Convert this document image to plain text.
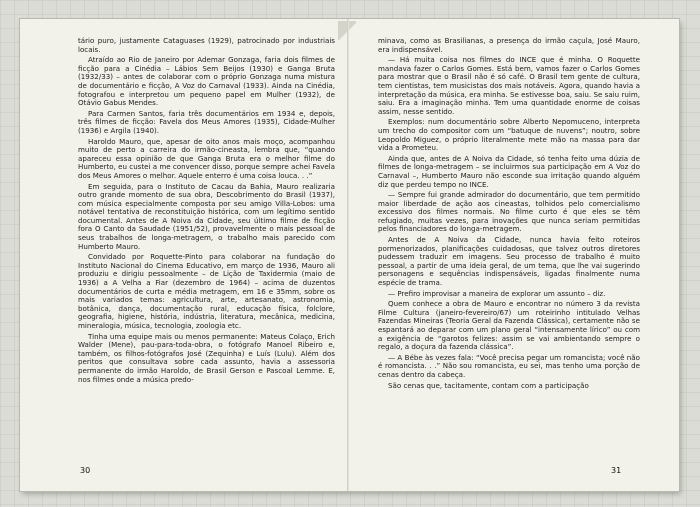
tário puro, justamente Cataguases (1929), patrocinado por industriais locais.

Atraído ao Rio de Janeiro por Ademar Gonzaga, faria dois filmes de ficção para a Cinédia – Lábios Sem Beijos (1930) e Ganga Bruta (1932/33) – antes de colaborar com o próprio Gonzaga numa mistura de documentário e ficção, A Voz do Carnaval (1933). Ainda na Cinédia, fotografou e interpretou um pequeno papel em Mulher (1932), de Otávio Gabus Mendes.

Para Carmen Santos, faria três documentários em 1934 e, depois, três filmes de ficção: Favela dos Meus Amores (1935), Cidade-Mulher (1936) e Argila (1940).

Haroldo Mauro, que, apesar de oito anos mais moço, acompanhou muito de perto a carreira do irmão-cineasta, lembra que, “quando apareceu essa opinião de que Ganga Bruta era o melhor filme do Humberto, eu custei a me convencer disso, porque sempre achei Favela dos Meus Amores o melhor. Aquele enterro é uma coisa louca. . .”

Em seguida, para o Instituto de Cacau da Bahia, Mauro realizaria outro grande momento de sua obra, Descobrimento do Brasil (1937), com música especialmente composta por seu amigo Villa-Lobos: uma notável tentativa de reconstituição histórica, com um legítimo sentido documental. Antes de A Noiva da Cidade, seu último filme de ficção fora O Canto da Saudade (1951/52), provavelmente o mais pessoal de seus trabalhos de longa-metragem, o trabalho mais parecido com Humberto Mauro.

Convidado por Roquette-Pinto para colaborar na fundação do Instituto Nacional do Cinema Educativo, em março de 1936, Mauro ali produziu e dirigiu pessoalmente – de Lição de Taxidermia (maio de 1936) a A Velha a Fiar (dezembro de 1964) – acima de duzentos documentários de curta e média metragem, em 16 e 35mm, sobre os mais variados temas: agricultura, arte, artesanato, astronomia, botânica, dança, documentação rural, educação física, folclore, geografia, higiene, história, indústria, literatura, mecânica, medicina, mineralogia, música, tecnologia, zoologia etc.

Tinha uma equipe mais ou menos permanente: Mateus Colaço, Erich Walder (Mene), pau-para-toda-obra, o fotógrafo Manoel Ribeiro e, também, os filhos-fotógrafos José (Zequinha) e Luís (Lulu). Além dos peritos que consultava sobre cada assunto, havia a assessoria permanente do irmão Haroldo, de Brasil Gerson e Pascoal Lemme. E, nos filmes onde a música predo-

minava, como as Brasilianas, a presença do irmão caçula, José Mauro, era indispensável.

— Há muita coisa nos filmes do INCE que é minha. O Roquette mandava fazer o Carlos Gomes. Está bem, vamos fazer o Carlos Gomes para mostrar que o Brasil não é só café. O Brasil tem gente de cultura, tem cientistas, tem musicistas dos mais notáveis. Agora, quando havia a interpretação da música, era minha. Se estivesse boa, saiu. Se saiu ruim, saiu. Era a imaginação minha. Tem uma quantidade enorme de coisas assim, nesse sentido.

Exemplos: num documentário sobre Alberto Nepomuceno, interpreta um trecho do compositor com um “batuque de nuvens”; noutro, sobre Leopoldo Miguez, o próprio literalmente mete mão na massa para dar vida a Prometeu.

Ainda que, antes de A Noiva da Cidade, só tenha feito uma dúzia de filmes de longa-metragem – se incluirmos sua participação em A Voz do Carnaval –, Humberto Mauro não esconde sua irritação quando alguém diz que perdeu tempo no INCE.

— Sempre fui grande admirador do documentário, que tem permitido maior liberdade de ação aos cineastas, tolhidos pelo comercialismo excessivo dos filmes normais. No filme curto é que eles se têm refugiado, muitas vezes, para inovações que nunca seriam permitidas pelos financiadores do longa-metragem.

Antes de A Noiva da Cidade, nunca havia feito roteiros pormenorizados, planificações cuidadosas, que talvez outros diretores pudessem traduzir em imagens. Seu processo de trabalho é muito pessoal, a partir de uma ideia geral, de um tema, que lhe vai sugerindo personagens e sequências indispensáveis, ligadas finalmente numa espécie de trama.

— Prefiro improvisar a maneira de explorar um assunto – diz.

Quem conhece a obra de Mauro e encontrar no número 3 da revista Filme Cultura (janeiro-fevereiro/67) um roteirinho intitulado Velhas Fazendas Mineiras (Teoria Geral da Fazenda Clássica), certamente não se espantará ao deparar com um plano geral “intensamente lírico” ou com a exigência de “garotos felizes: assim se vai ambientando sempre o regalo, a doçura da fazenda clássica”.

— A Bébe às vezes fala: “Você precisa pegar um romancista; você não é romancista. . .” Não sou romancista, eu sei, mas tenho uma porção de cenas dentro da cabeça.

São cenas que, tacitamente, contam com a participação

30	31
